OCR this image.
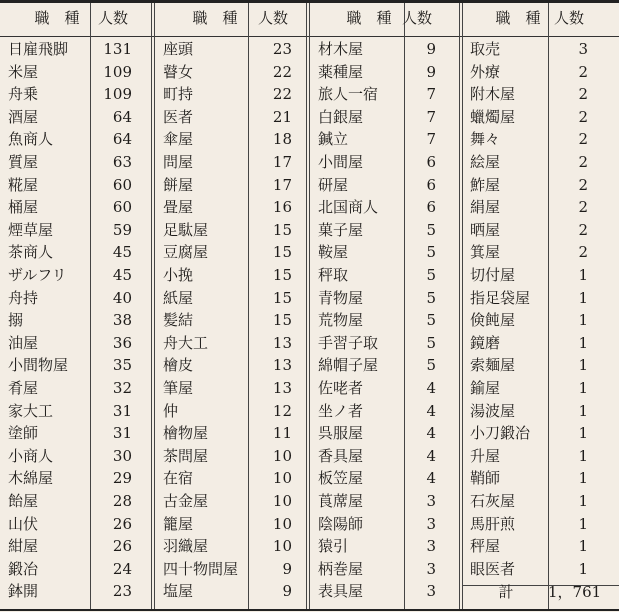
職　種	人数
日雇飛脚	131
米屋	109
舟乗	109
酒屋	64
魚商人	64
質屋	63
糀屋	60
桶屋	60
煙草屋	59
茶商人	45
ザルフリ	45
舟持	40
搦	38
油屋	36
小間物屋	35
肴屋	32
家大工	31
塗師	31
小商人	30
木綿屋	29
飴屋	28
山伏	26
紺屋	26
鍛冶	24
鉢開	23
職　種	人数
座頭	23
瞽女	22
町持	22
医者	21
傘屋	18
問屋	17
餅屋	17
畳屋	16
足駄屋	15
豆腐屋	15
小挽	15
紙屋	15
髪結	15
舟大工	13
檜皮	13
筆屋	13
仲	12
檜物屋	11
茶問屋	10
在宿	10
古金屋	10
籠屋	10
羽織屋	10
四十物問屋	9
塩屋	9
職　種 人数
材木屋	9
薬種屋	9
旅人一宿	7
白銀屋	7
鍼立	7
小間屋	6
研屋	6
北国商人	6
菓子屋	5
鞍屋	5
秤取	5
青物屋	5
荒物屋	5
手習子取	5
綿帽子屋	5
佐咾者	4
坐ノ者	4
呉服屋	4
香具屋	4
板笠屋	4
莨蓆屋	3
陰陽師	3
猿引	3
柄巻屋	3
表具屋	3
職　種 人数
取売	3
外療	2
附木屋	2
蠟燭屋	2
舞々	2
絵屋	2
鮓屋	2
絹屋	2
晒屋	2
箕屋	2
切付屋	1
指足袋屋	1
倹飩屋	1
鏡磨	1
索麺屋	1
鍮屋	1
湯波屋	1
小刀鍛冶	1
升屋	1
鞘師	1
石灰屋	1
馬肝煎	1
秤屋	1
眼医者	1
計	1，761
